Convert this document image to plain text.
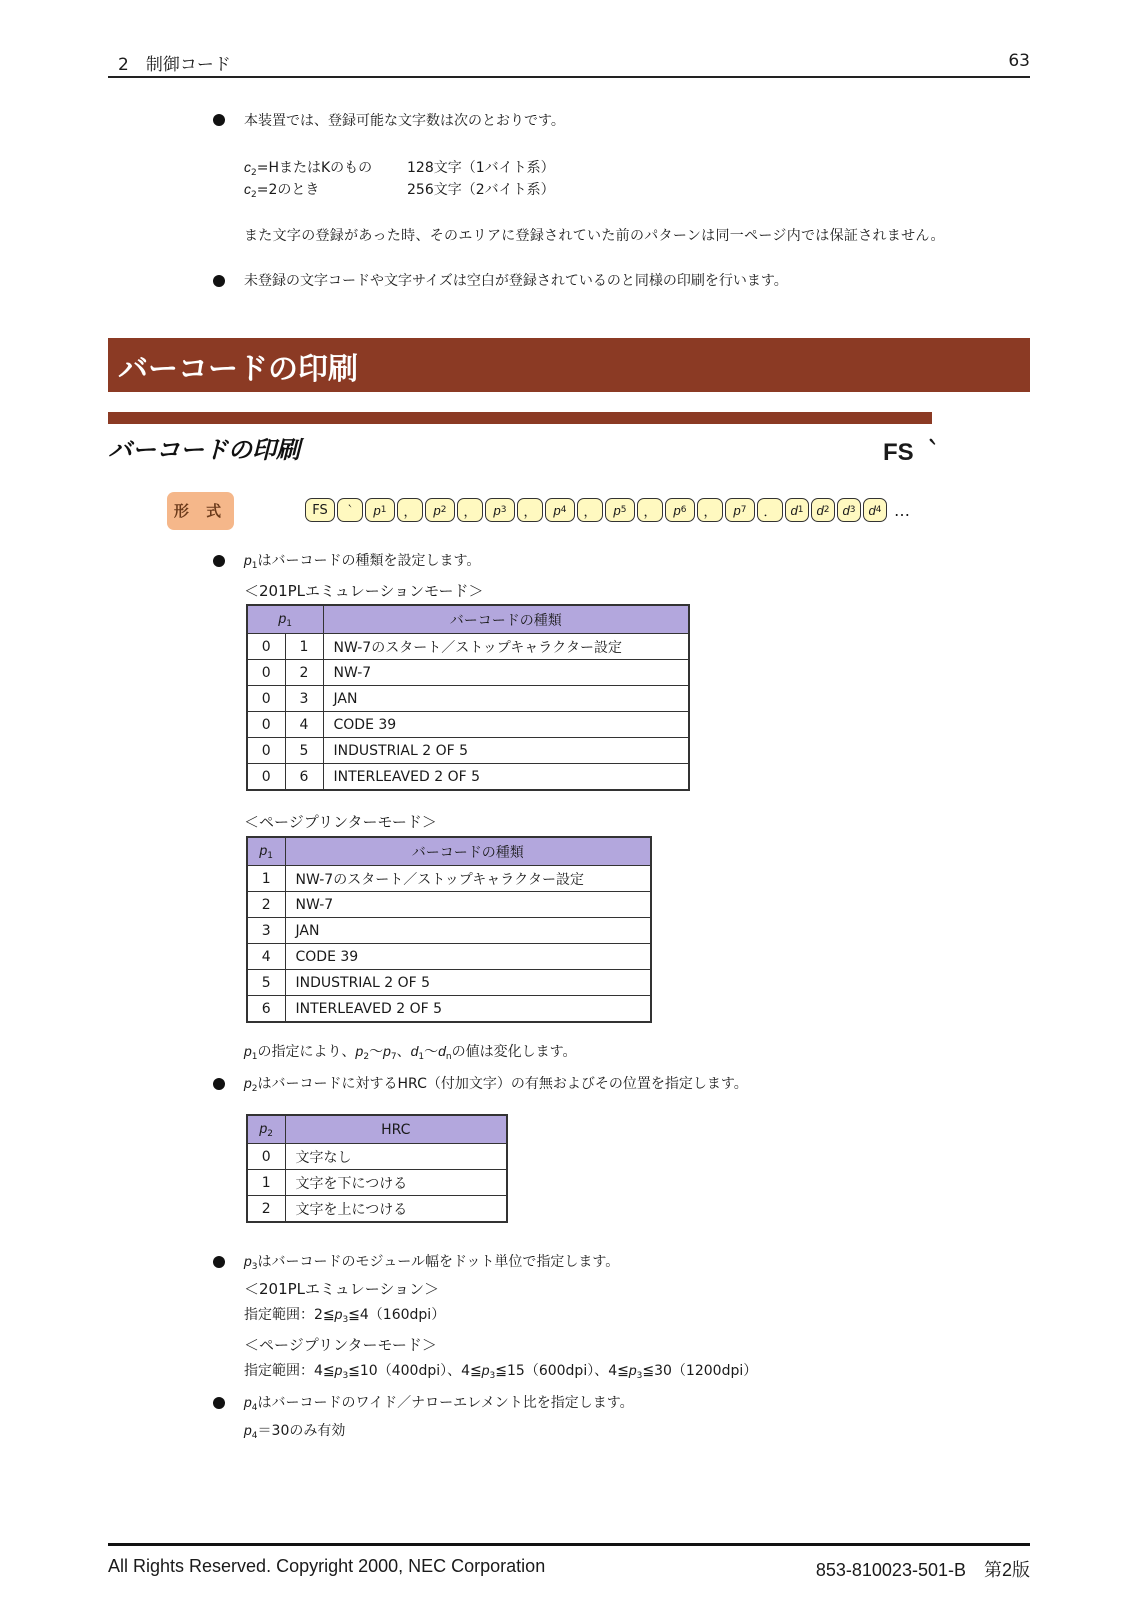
2　制御コード	63
本装置では、登録可能な文字数は次のとおりです。
$c_2=H$またはKのもの 128文字（1バイト系）
$c_2=2$のとき	256文字（2バイト系）
また文字の登録があった時、そのエリアに登録されていた前のパターンは同一ページ内では保証されません。
未登録の文字コードや文字サイズは空白が登録されているのと同様の印刷を行います。
バーコードの印刷
バーコードの印刷	FS ｀
形 式	FS	｀	p 1	，	p 2	，	p 3	，	p 4	，	p 5	，	p 6	，	p 7	．	d 1 d 2 d 3 d 4 …
$p_1$はバーコードの種類を設定します。
＜201PLエミュレーションモード＞
$p_1$		バーコードの種類
0	1	NW-7のスタート／ストップキャラクター設定
0	2	NW-7
0	3	JAN
0	4	CODE 39
0	5	INDUSTRIAL 2 OF 5
0	6	INTERLEAVED 2 OF 5
＜ページプリンターモード＞
$p_1$	バーコードの種類
1	NW-7のスタート／ストップキャラクター設定
2	NW-7
3	JAN
4	CODE 39
5	INDUSTRIAL 2 OF 5
6	INTERLEAVED 2 OF 5
$p_1$の指定により、$p_2$〜$p_7$、$d_1$〜$d_n$の値は変化します。
$p_2$はバーコードに対するHRC（付加文字）の有無およびその位置を指定します。
$p_2$	HRC
0	文字なし
1	文字を下につける
2	文字を上につける
$p_3$はバーコードのモジュール幅をドット単位で指定します。
＜201PLエミュレーション＞
指定範囲：$2≦p_3≦4(160dpi)$
＜ページプリンターモード＞
指定範囲：$4≦p_3≦10(400dpi)$、$4≦p_3≦15(600dpi)$、$4≦p_3≦30(1200dpi)$
$p_4$はバーコードのワイド／ナローエレメント比を指定します。
$p_4=30$のみ有効
All Rights Reserved. Copyright 2000, NEC Corporation	853-810023-501-B　第2版
